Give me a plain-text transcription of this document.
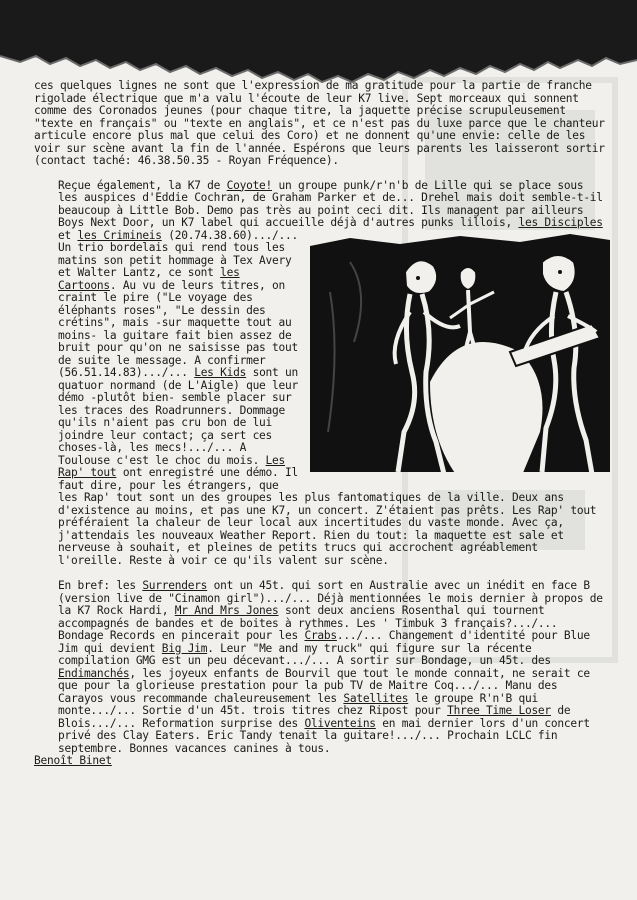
ces quelques lignes ne sont que l'expression de ma gratitude pour la partie de franche rigolade électrique que m'a valu l'écoute de leur K7 live. Sept morceaux qui sonnent comme des Coronados jeunes (pour chaque titre, la jaquette précise scrupuleusement "texte en français" ou "texte en anglais", et ce n'est pas du luxe parce que le chanteur articule encore plus mal que celui des Coro) et ne donnent qu'une envie: celle de les voir sur scène avant la fin de l'année. Espérons que leurs parents les laisseront sortir (contact taché: 46.38.50.35 - Royan Fréquence).

Reçue également, la K7 de Coyote! un groupe punk/r'n'b de Lille qui se place sous les auspices d'Eddie Cochran, de Graham Parker et de... Drehel mais doit semble-t-il beaucoup à Little Bob. Demo pas très au point ceci dit. Ils managent par ailleurs Boys Next Door, un K7 label qui accueille déjà d'autres punks lillois,
les Disciples et les Crimineis (20.74.38.60).../... Un trio bordelais qui rend tous les matins son petit hommage à Tex Avery et Walter Lantz, ce sont les Cartoons. Au vu de leurs titres, on craint le pire ("Le voyage des éléphants roses", "Le dessin des crétins", mais -sur maquette tout au moins- la guitare fait bien assez de bruit pour qu'on ne saisisse pas tout de suite le message. A confirmer (56.51.14.83).../... Les Kids sont un quatuor normand (de L'Aigle) que leur démo -plutôt bien- semble placer sur les traces des Roadrunners. Dommage qu'ils n'aient pas cru bon de lui joindre leur contact; ça sert ces choses-là, les mecs!.../... A Toulouse c'est le choc du mois. Les Rap' tout ont enregistré une démo. Il faut dire, pour les étrangers, que les Rap' tout sont un des groupes les plus fantomatiques de la ville. Deux ans d'existence au moins, et pas une K7, un concert. Z'étaient pas prêts. Les Rap' tout préféraient la chaleur de leur local aux incertitudes du vaste monde. Avec ça, j'attendais les nouveaux Weather Report. Rien du tout: la maquette est sale et nerveuse à souhait, et pleines de petits trucs qui accrochent agréablement l'oreille. Reste à voir ce qu'ils valent sur scène.

En bref: les Surrenders ont un 45t. qui sort en Australie avec un inédit en face B (version live de "Cinamon girl").../... Déjà mentionnées le mois dernier à propos de la K7 Rock Hardi, Mr And Mrs Jones sont deux anciens Rosenthal qui tournent accompagnés de bandes et de boites à rythmes. Les ' Timbuk 3 français?.../... Bondage Records en pincerait pour les Crabs.../... Changement d'identité pour Blue Jim qui devient Big Jim. Leur "Me and my truck" qui figure sur la récente compilation GMG est un peu décevant.../... A sortir sur Bondage, un 45t. des Endimanchés, les joyeux enfants de Bourvil que tout le monde connait, ne serait ce que pour la glorieuse prestation pour la pub TV de Maitre Coq.../... Manu des Carayos vous recommande chaleureusement les Satellites le groupe R'n'B qui monte.../... Sortie d'un 45t. trois titres chez Ripost pour Three Time Loser de Blois.../... Reformation surprise des Oliventeins en mai dernier lors d'un concert privé des Clay Eaters. Eric Tandy tenait la guitare!.../... Prochain LCLC fin septembre. Bonnes vacances canines à tous.

Benoît Binet
